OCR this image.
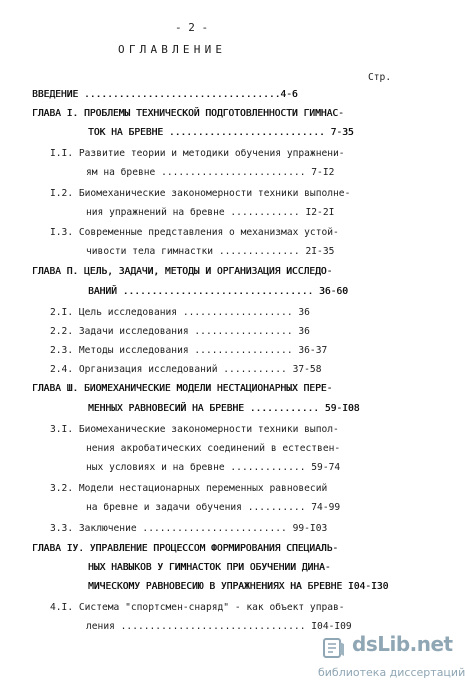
- 2 -
ОГЛАВЛЕНИЕ
Стр.
ВВЕДЕНИЕ ..................................4-6
ГЛАВА I. ПРОБЛЕМЫ ТЕХНИЧЕСКОЙ ПОДГОТОВЛЕННОСТИ ГИМНАС-
ТОК НА БРЕВНЕ ........................... 7-35
I.I. Развитие теории и методики обучения упражнени-
ям на бревне ......................... 7-I2
I.2. Биомеханические закономерности техники выполне-
ния упражнений на бревне ............ I2-2I
I.3. Современные представления о механизмах устой-
чивости тела гимнастки .............. 2I-35
ГЛАВА П. ЦЕЛЬ, ЗАДАЧИ, МЕТОДЫ И ОРГАНИЗАЦИЯ ИССЛЕДО-
ВАНИЙ ................................. 36-60
2.I. Цель исследования ................... 36
2.2. Задачи исследования ................. 36
2.3. Методы исследования ................. 36-37
2.4. Организация исследований ........... 37-58
ГЛАВА Ш. БИОМЕХАНИЧЕСКИЕ МОДЕЛИ НЕСТАЦИОНАРНЫХ ПЕРЕ-
МЕННЫХ РАВНОВЕСИЙ НА БРЕВНЕ ............ 59-I08
3.I. Биомеханические закономерности техники выпол-
нения акробатических соединений в естествен-
ных условиях и на бревне ............. 59-74
3.2. Модели нестационарных переменных равновесий
на бревне и задачи обучения .......... 74-99
3.3. Заключение ......................... 99-I03
ГЛАВА IУ. УПРАВЛЕНИЕ ПРОЦЕССОМ ФОРМИРОВАНИЯ СПЕЦИАЛЬ-
НЫХ НАВЫКОВ У ГИМНАСТОК ПРИ ОБУЧЕНИИ ДИНА-
МИЧЕСКОМУ РАВНОВЕСИЮ В УПРАЖНЕНИЯХ НА БРЕВНЕ I04-I30
4.I. Система "спортсмен-снаряд" - как объект управ-
ления ................................ I04-I09
dsLib.net
библиотека диссертаций
